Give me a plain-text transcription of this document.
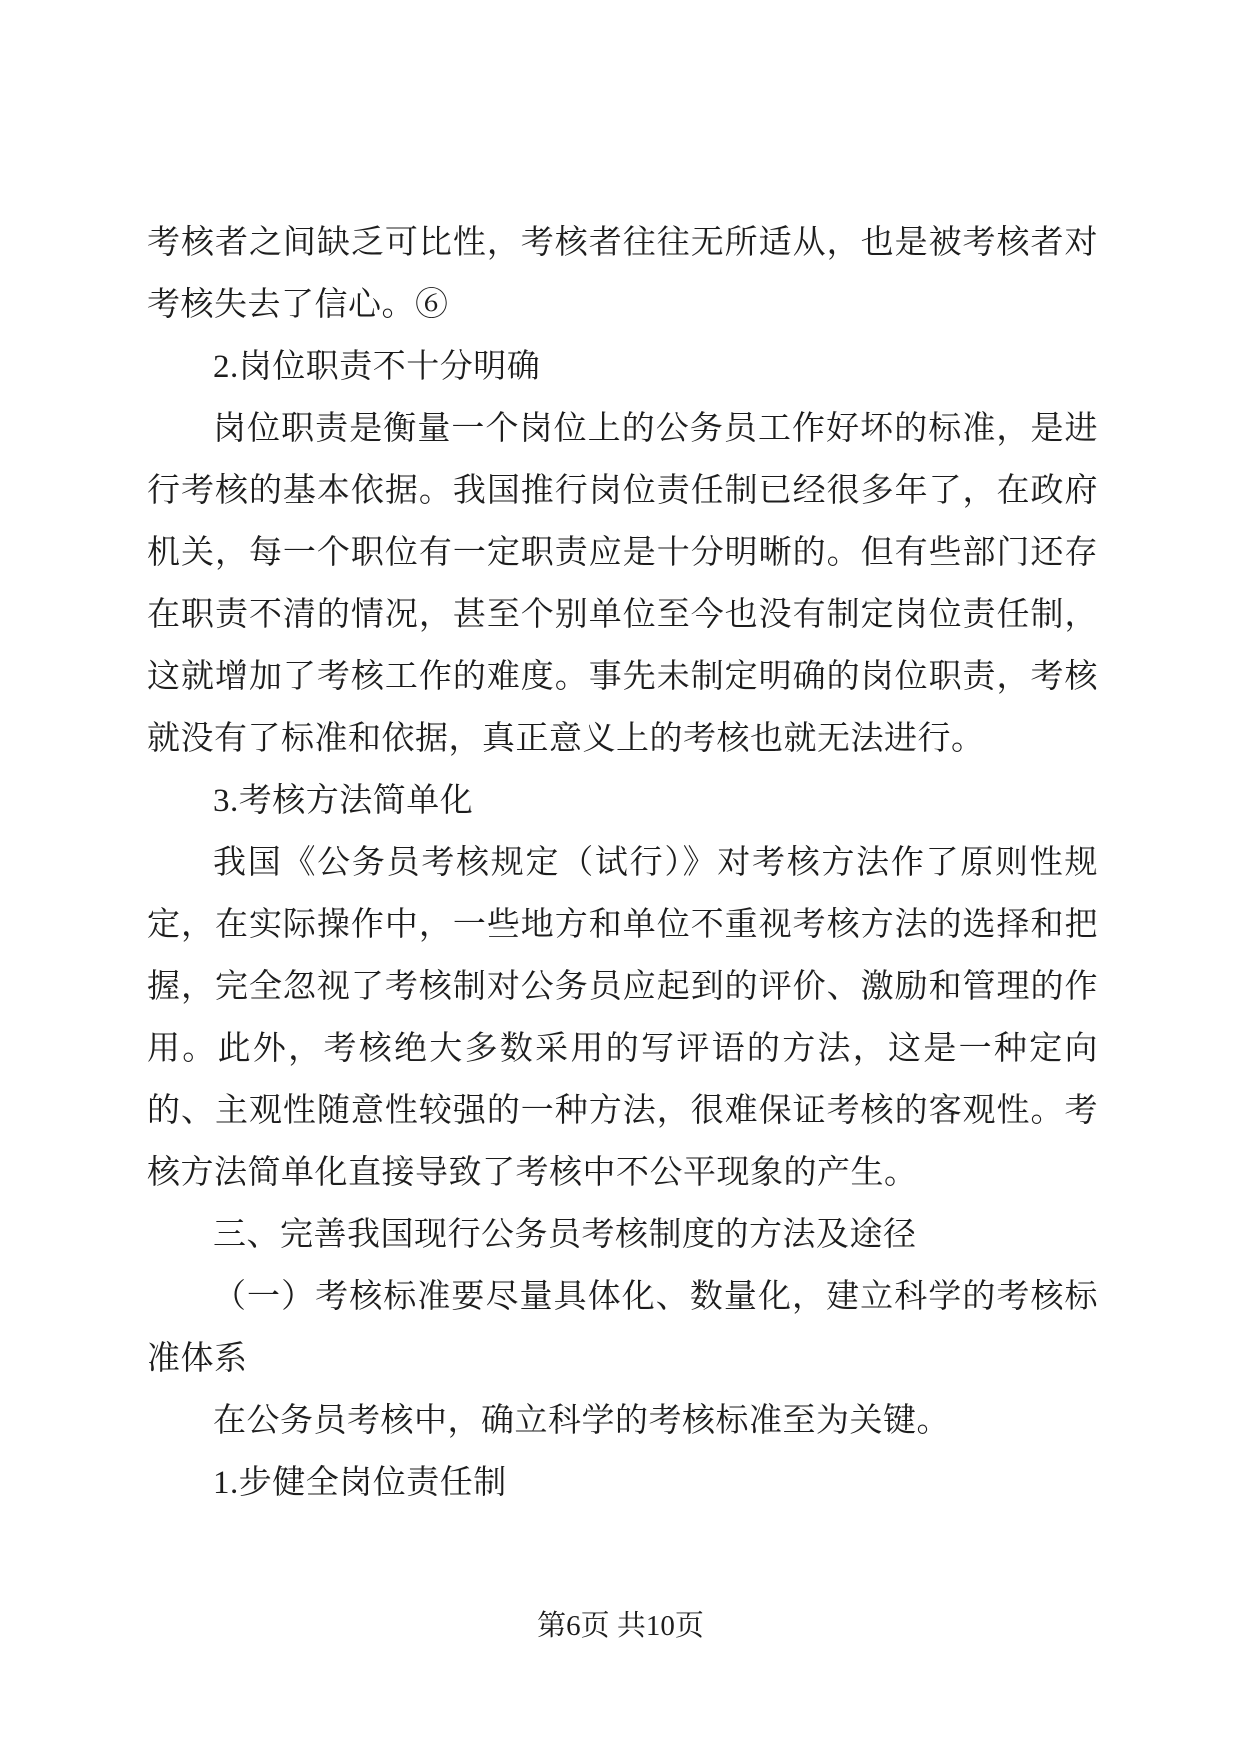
考核者之间缺乏可比性，考核者往往无所适从，也是被考核者对考核失去了信心。⑥

2.岗位职责不十分明确

岗位职责是衡量一个岗位上的公务员工作好坏的标准，是进行考核的基本依据。我国推行岗位责任制已经很多年了，在政府机关，每一个职位有一定职责应是十分明晰的。但有些部门还存在职责不清的情况，甚至个别单位至今也没有制定岗位责任制，这就增加了考核工作的难度。事先未制定明确的岗位职责，考核就没有了标准和依据，真正意义上的考核也就无法进行。

3.考核方法简单化

我国《公务员考核规定（试行）》对考核方法作了原则性规定，在实际操作中，一些地方和单位不重视考核方法的选择和把握，完全忽视了考核制对公务员应起到的评价、激励和管理的作用。此外，考核绝大多数采用的写评语的方法，这是一种定向的、主观性随意性较强的一种方法，很难保证考核的客观性。考核方法简单化直接导致了考核中不公平现象的产生。

三、完善我国现行公务员考核制度的方法及途径

（一）考核标准要尽量具体化、数量化，建立科学的考核标准体系

在公务员考核中，确立科学的考核标准至为关键。

1.步健全岗位责任制

第6页 共10页
